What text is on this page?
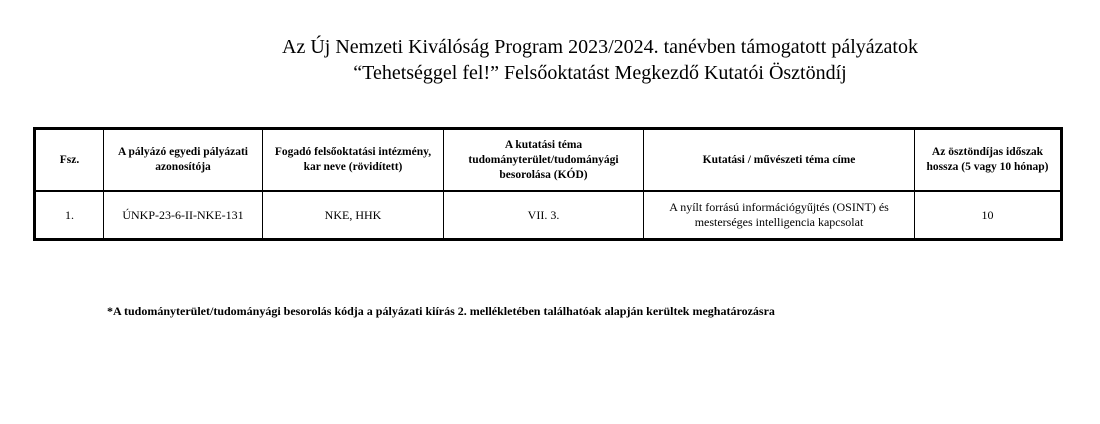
Az Új Nemzeti Kiválóság Program 2023/2024. tanévben támogatott pályázatok
“Tehetséggel fel!” Felsőoktatást Megkezdő Kutatói Ösztöndíj
Fsz.	A pályázó egyedi pályázati azonosítója	Fogadó felsőoktatási intézmény, kar neve (rövidített)	A kutatási téma tudományterület/tudományági besorolása (KÓD)	Kutatási / művészeti téma címe	Az ösztöndíjas időszak hossza (5 vagy 10 hónap)
1.	ÚNKP-23-6-II-NKE-131	NKE, HHK	VII. 3.	A nyílt forrású információgyűjtés (OSINT) és mesterséges intelligencia kapcsolat	10
*A tudományterület/tudományági besorolás kódja a pályázati kiírás 2. mellékletében találhatóak alapján kerültek meghatározásra
